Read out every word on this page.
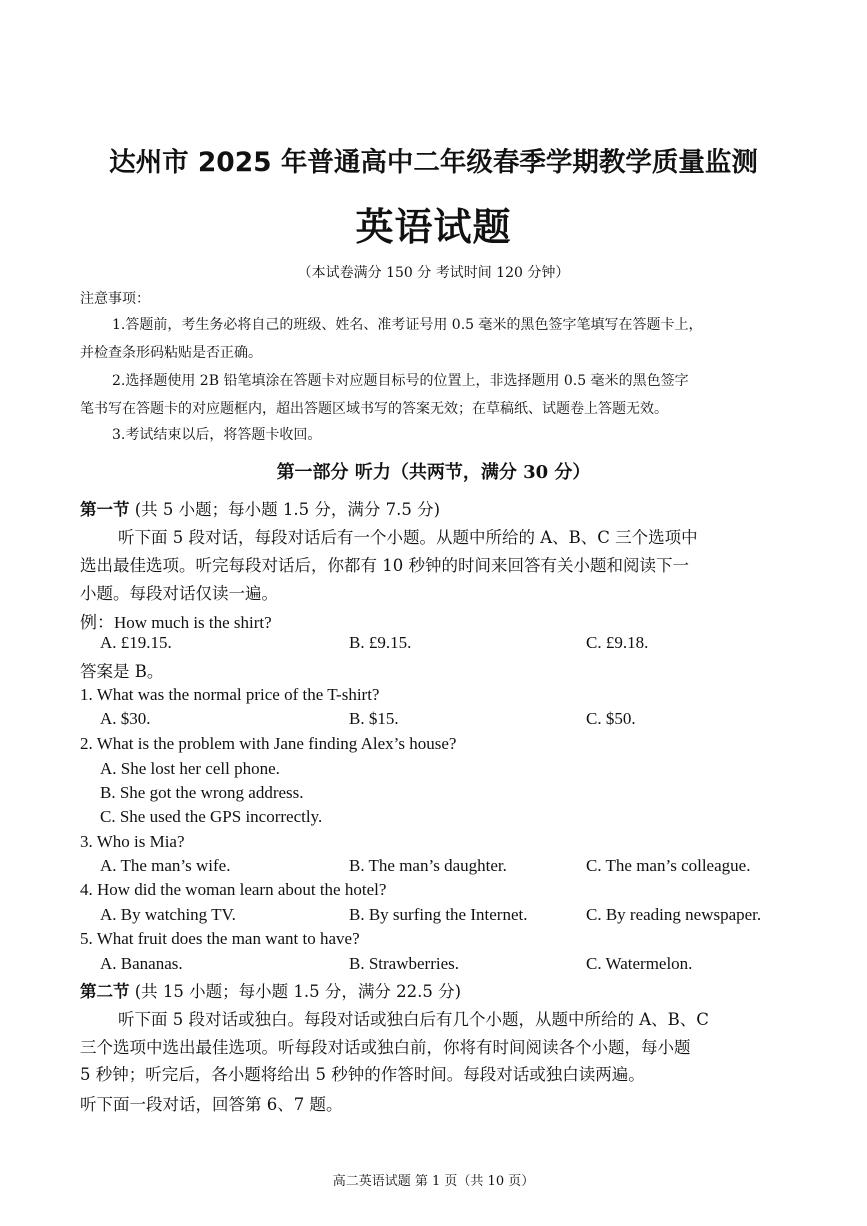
达州市 2025 年普通高中二年级春季学期教学质量监测
英语试题
（本试卷满分 150 分 考试时间 120 分钟）
注意事项：
1.答题前，考生务必将自己的班级、姓名、准考证号用 0.5 毫米的黑色签字笔填写在答题卡上，
并检查条形码粘贴是否正确。
2.选择题使用 2B 铅笔填涂在答题卡对应题目标号的位置上，非选择题用 0.5 毫米的黑色签字
笔书写在答题卡的对应题框内，超出答题区域书写的答案无效；在草稿纸、试题卷上答题无效。
3.考试结束以后，将答题卡收回。
第一部分 听力（共两节，满分 30 分）
第一节 (共 5 小题；每小题 1.5 分，满分 7.5 分)
听下面 5 段对话，每段对话后有一个小题。从题中所给的 A、B、C 三个选项中
选出最佳选项。听完每段对话后，你都有 10 秒钟的时间来回答有关小题和阅读下一
小题。每段对话仅读一遍。
例：How much is the shirt?
A. £19.15.	B. £9.15.	C. £9.18.
答案是 B。
1. What was the normal price of the T-shirt?
A. $30.	B. $15.	C. $50.
2. What is the problem with Jane finding Alex’s house?
A. She lost her cell phone.
B. She got the wrong address.
C. She used the GPS incorrectly.
3. Who is Mia?
A. The man’s wife.	B. The man’s daughter.	C. The man’s colleague.
4. How did the woman learn about the hotel?
A. By watching TV.	B. By surfing the Internet.	C. By reading newspaper.
5. What fruit does the man want to have?
A. Bananas.	B. Strawberries.	C. Watermelon.
第二节 (共 15 小题；每小题 1.5 分，满分 22.5 分)
听下面 5 段对话或独白。每段对话或独白后有几个小题，从题中所给的 A、B、C
三个选项中选出最佳选项。听每段对话或独白前，你将有时间阅读各个小题，每小题
5 秒钟；听完后，各小题将给出 5 秒钟的作答时间。每段对话或独白读两遍。
听下面一段对话，回答第 6、7 题。
高二英语试题 第 1 页（共 10 页）
